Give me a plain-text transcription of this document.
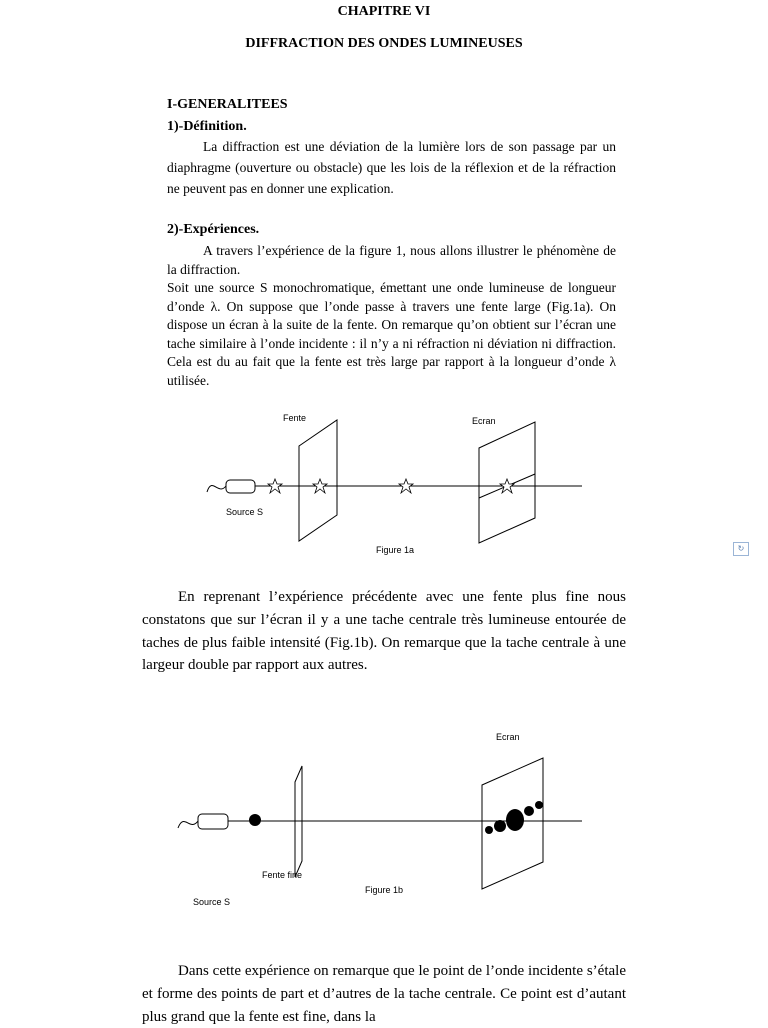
CHAPITRE VI
DIFFRACTION DES ONDES LUMINEUSES
I-GENERALITEES
1)-Définition.
La diffraction est une déviation de la lumière lors de son passage par un diaphragme (ouverture ou obstacle) que les lois de la réflexion et de la réfraction ne peuvent pas en donner une explication.
2)-Expériences.
A travers l’expérience de la figure 1, nous allons illustrer le phénomène de la diffraction.
Soit une source S monochromatique, émettant une onde lumineuse de longueur d’onde λ. On suppose que l’onde passe à travers une fente large (Fig.1a). On dispose un écran à la suite de la fente. On remarque qu’on obtient sur l’écran une tache similaire à l’onde incidente : il n’y a ni réfraction ni déviation ni diffraction. Cela est du au fait que la fente est très large par rapport à la longueur d’onde λ utilisée.
Fente	Ecran
Source S
Figure 1a	↻
En reprenant l’expérience précédente avec une fente plus fine nous constatons que sur l’écran il y a une tache centrale très lumineuse entourée de taches de plus faible intensité (Fig.1b). On remarque que la tache centrale à une largeur double par rapport aux autres.
Ecran
Fente fine
Figure 1b
Source S
Dans cette expérience on remarque que le point de l’onde incidente s’étale et forme des points de part et d’autres de la tache centrale. Ce point est d’autant plus grand que la fente est fine, dans la
